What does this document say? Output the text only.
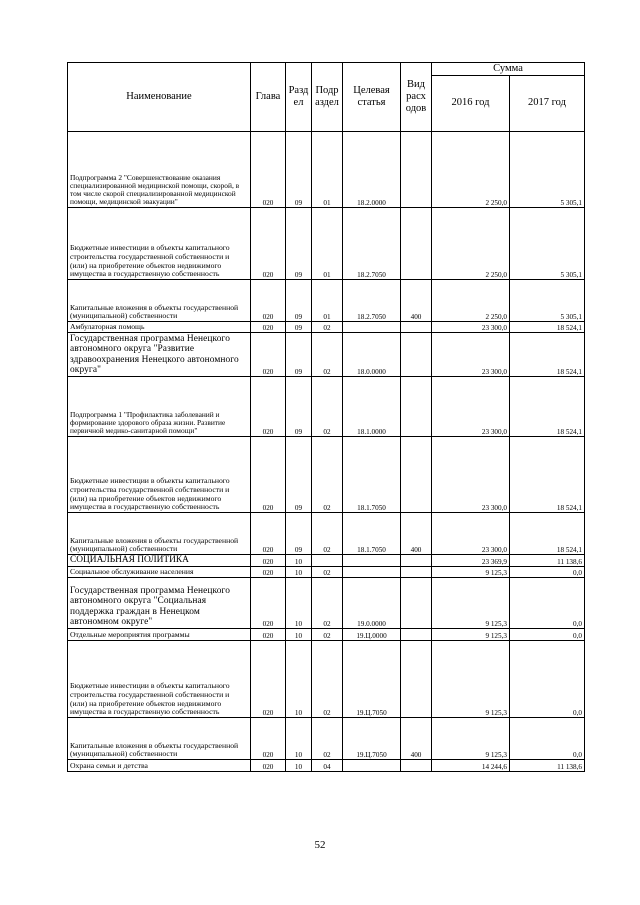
Наименование	Глава	Разд ел	Подр аздел	Целевая статья	Вид расх одов	Сумма	
						2016 год	2017 год
Подпрограмма 2 "Совершенствование оказания специализированной медицинской помощи, скорой, в том числе скорой специализированной медицинской помощи, медицинской эвакуации"	020	09	01	18.2.0000		2 250,0	5 305,1
Бюджетные инвестиции в объекты капитального строительства государственной собственности и (или) на приобретение объектов недвижимого имущества в государственную собственность	020	09	01	18.2.7050		2 250,0	5 305,1
Капитальные вложения в объекты государственной (муниципальной) собственности	020	09	01	18.2.7050	400	2 250,0	5 305,1
Амбулаторная помощь	020	09	02			23 300,0	18 524,1
Государственная программа Ненецкого автономного округа "Развитие здравоохранения Ненецкого автономного округа"	020	09	02	18.0.0000		23 300,0	18 524,1
Подпрограмма 1 "Профилактика заболеваний и формирование здорового образа жизни. Развитие первичной медико-санитарной помощи"	020	09	02	18.1.0000		23 300,0	18 524,1
Бюджетные инвестиции в объекты капитального строительства государственной собственности и (или) на приобретение объектов недвижимого имущества в государственную собственность	020	09	02	18.1.7050		23 300,0	18 524,1
Капитальные вложения в объекты государственной (муниципальной) собственности	020	09	02	18.1.7050	400	23 300,0	18 524,1
СОЦИАЛЬНАЯ ПОЛИТИКА	020	10				23 369,9	11 138,6
Социальное обслуживание населения	020	10	02			9 125,3	0,0
Государственная программа Ненецкого автономного округа "Социальная поддержка граждан в Ненецком автономном округе"	020	10	02	19.0.0000		9 125,3	0,0
Отдельные мероприятия программы	020	10	02	19.Ц.0000		9 125,3	0,0
Бюджетные инвестиции в объекты капитального строительства государственной собственности и (или) на приобретение объектов недвижимого имущества в государственную собственность	020	10	02	19.Ц.7050		9 125,3	0,0
Капитальные вложения в объекты государственной (муниципальной) собственности	020	10	02	19.Ц.7050	400	9 125,3	0,0
Охрана семьи и детства	020	10	04			14 244,6	11 138,6
52
